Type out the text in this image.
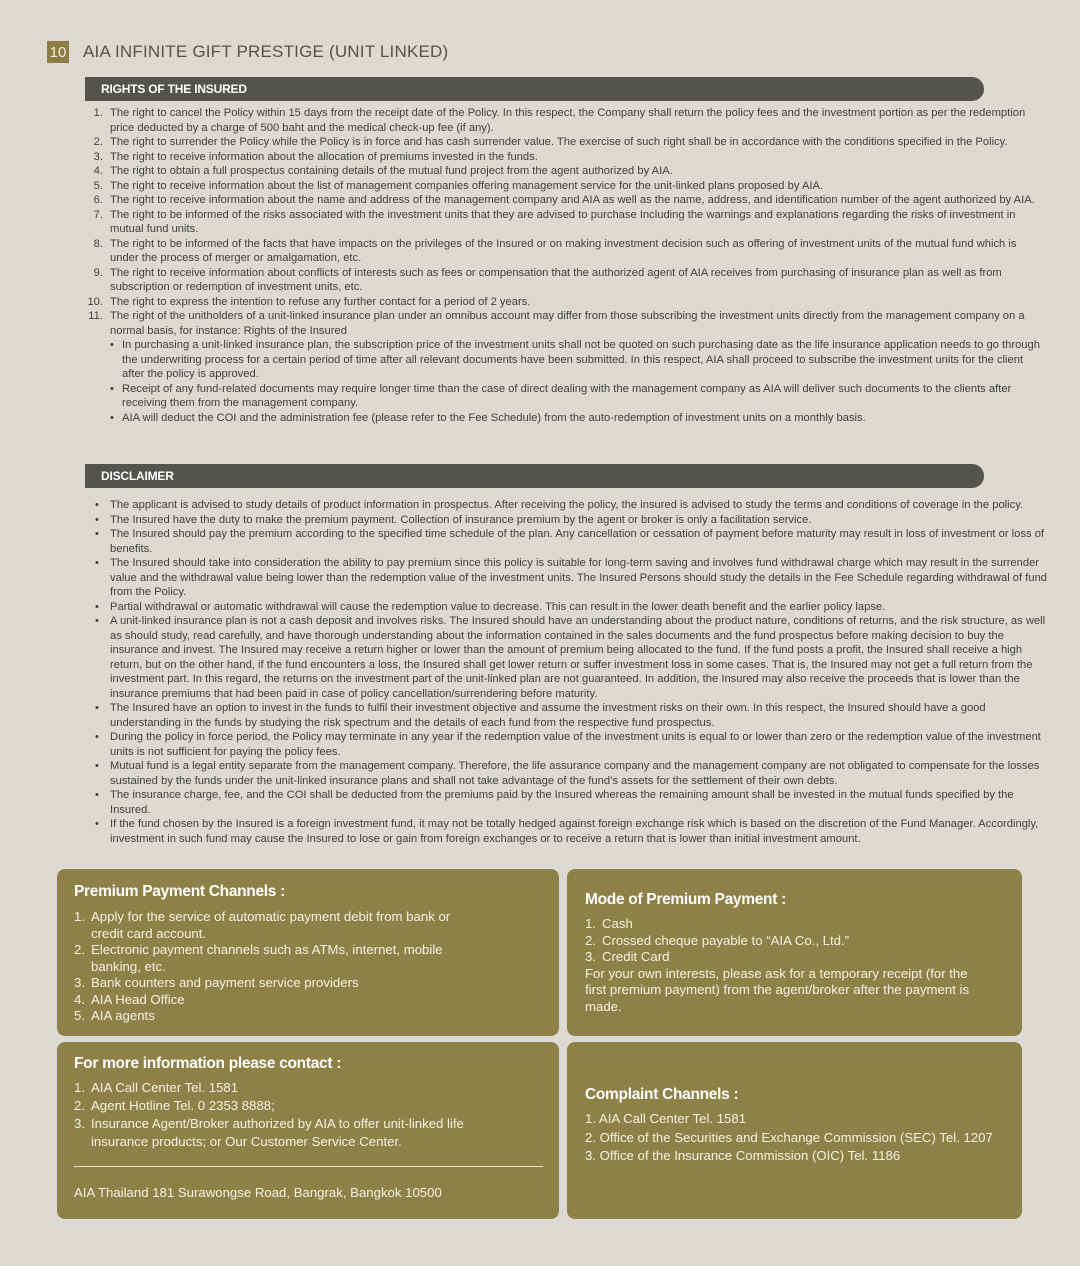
10 AIA INFINITE GIFT PRESTIGE (UNIT LINKED)
RIGHTS OF THE INSURED
1. The right to cancel the Policy within 15 days from the receipt date of the Policy. In this respect, the Company shall return the policy fees and the investment portion as per the redemption price deducted by a charge of 500 baht and the medical check-up fee (if any).
2. The right to surrender the Policy while the Policy is in force and has cash surrender value. The exercise of such right shall be in accordance with the conditions specified in the Policy.
3. The right to receive information about the allocation of premiums invested in the funds.
4. The right to obtain a full prospectus containing details of the mutual fund project from the agent authorized by AIA.
5. The right to receive information about the list of management companies offering management service for the unit-linked plans proposed by AIA.
6. The right to receive information about the name and address of the management company and AIA as well as the name, address, and identification number of the agent authorized by AIA.
7. The right to be informed of the risks associated with the investment units that they are advised to purchase Including the warnings and explanations regarding the risks of investment in mutual fund units.
8. The right to be informed of the facts that have impacts on the privileges of the Insured or on making investment decision such as offering of investment units of the mutual fund which is under the process of merger or amalgamation, etc.
9. The right to receive information about conflicts of interests such as fees or compensation that the authorized agent of AIA receives from purchasing of insurance plan as well as from subscription or redemption of investment units, etc.
10. The right to express the intention to refuse any further contact for a period of 2 years.
11. The right of the unitholders of a unit-linked insurance plan under an omnibus account may differ from those subscribing the investment units directly from the management company on a normal basis, for instance: Rights of the Insured
• In purchasing a unit-linked insurance plan, the subscription price of the investment units shall not be quoted on such purchasing date as the life insurance application needs to go through the underwriting process for a certain period of time after all relevant documents have been submitted. In this respect, AIA shall proceed to subscribe the investment units for the client after the policy is approved.
• Receipt of any fund-related documents may require longer time than the case of direct dealing with the management company as AIA will deliver such documents to the clients after receiving them from the management company.
• AIA will deduct the COI and the administration fee (please refer to the Fee Schedule) from the auto-redemption of investment units on a monthly basis.
DISCLAIMER
• The applicant is advised to study details of product information in prospectus. After receiving the policy, the insured is advised to study the terms and conditions of coverage in the policy.
• The Insured have the duty to make the premium payment. Collection of insurance premium by the agent or broker is only a facilitation service.
• The Insured should pay the premium according to the specified time schedule of the plan. Any cancellation or cessation of payment before maturity may result in loss of investment or loss of benefits.
• The Insured should take into consideration the ability to pay premium since this policy is suitable for long-term saving and involves fund withdrawal charge which may result in the surrender value and the withdrawal value being lower than the redemption value of the investment units. The Insured Persons should study the details in the Fee Schedule regarding withdrawal of fund from the Policy.
• Partial withdrawal or automatic withdrawal will cause the redemption value to decrease. This can result in the lower death benefit and the earlier policy lapse.
• A unit-linked insurance plan is not a cash deposit and involves risks. The Insured should have an understanding about the product nature, conditions of returns, and the risk structure, as well as should study, read carefully, and have thorough understanding about the information contained in the sales documents and the fund prospectus before making decision to buy the insurance and invest. The Insured may receive a return higher or lower than the amount of premium being allocated to the fund. If the fund posts a profit, the Insured shall receive a high return, but on the other hand, if the fund encounters a loss, the Insured shall get lower return or suffer investment loss in some cases. That is, the Insured may not get a full return from the investment part. In this regard, the returns on the investment part of the unit-linked plan are not guaranteed. In addition, the Insured may also receive the proceeds that is lower than the insurance premiums that had been paid in case of policy cancellation/surrendering before maturity.
• The Insured have an option to invest in the funds to fulfil their investment objective and assume the investment risks on their own. In this respect, the Insured should have a good understanding in the funds by studying the risk spectrum and the details of each fund from the respective fund prospectus.
• During the policy in force period, the Policy may terminate in any year if the redemption value of the investment units is equal to or lower than zero or the redemption value of the investment units is not sufficient for paying the policy fees.
• Mutual fund is a legal entity separate from the management company. Therefore, the life assurance company and the management company are not obligated to compensate for the losses sustained by the funds under the unit-linked insurance plans and shall not take advantage of the fund’s assets for the settlement of their own debts.
• The insurance charge, fee, and the COI shall be deducted from the premiums paid by the Insured whereas the remaining amount shall be invested in the mutual funds specified by the Insured.
• If the fund chosen by the Insured is a foreign investment fund, it may not be totally hedged against foreign exchange risk which is based on the discretion of the Fund Manager. Accordingly, investment in such fund may cause the Insured to lose or gain from foreign exchanges or to receive a return that is lower than initial investment amount.
Premium Payment Channels :
1. Apply for the service of automatic payment debit from bank or credit card account.
2. Electronic payment channels such as ATMs, internet, mobile banking, etc.
3. Bank counters and payment service providers
4. AIA Head Office
5. AIA agents
Mode of Premium Payment :
1. Cash
2. Crossed cheque payable to “AIA Co., Ltd.”
3. Credit Card
For your own interests, please ask for a temporary receipt (for the first premium payment) from the agent/broker after the payment is made.
For more information please contact :
1. AIA Call Center Tel. 1581
2. Agent Hotline Tel. 0 2353 8888;
3. Insurance Agent/Broker authorized by AIA to offer unit-linked life insurance products; or Our Customer Service Center.
AIA Thailand 181 Surawongse Road, Bangrak, Bangkok 10500
Complaint Channels :
1. AIA Call Center Tel. 1581
2. Office of the Securities and Exchange Commission (SEC) Tel. 1207
3. Office of the Insurance Commission (OIC) Tel. 1186
